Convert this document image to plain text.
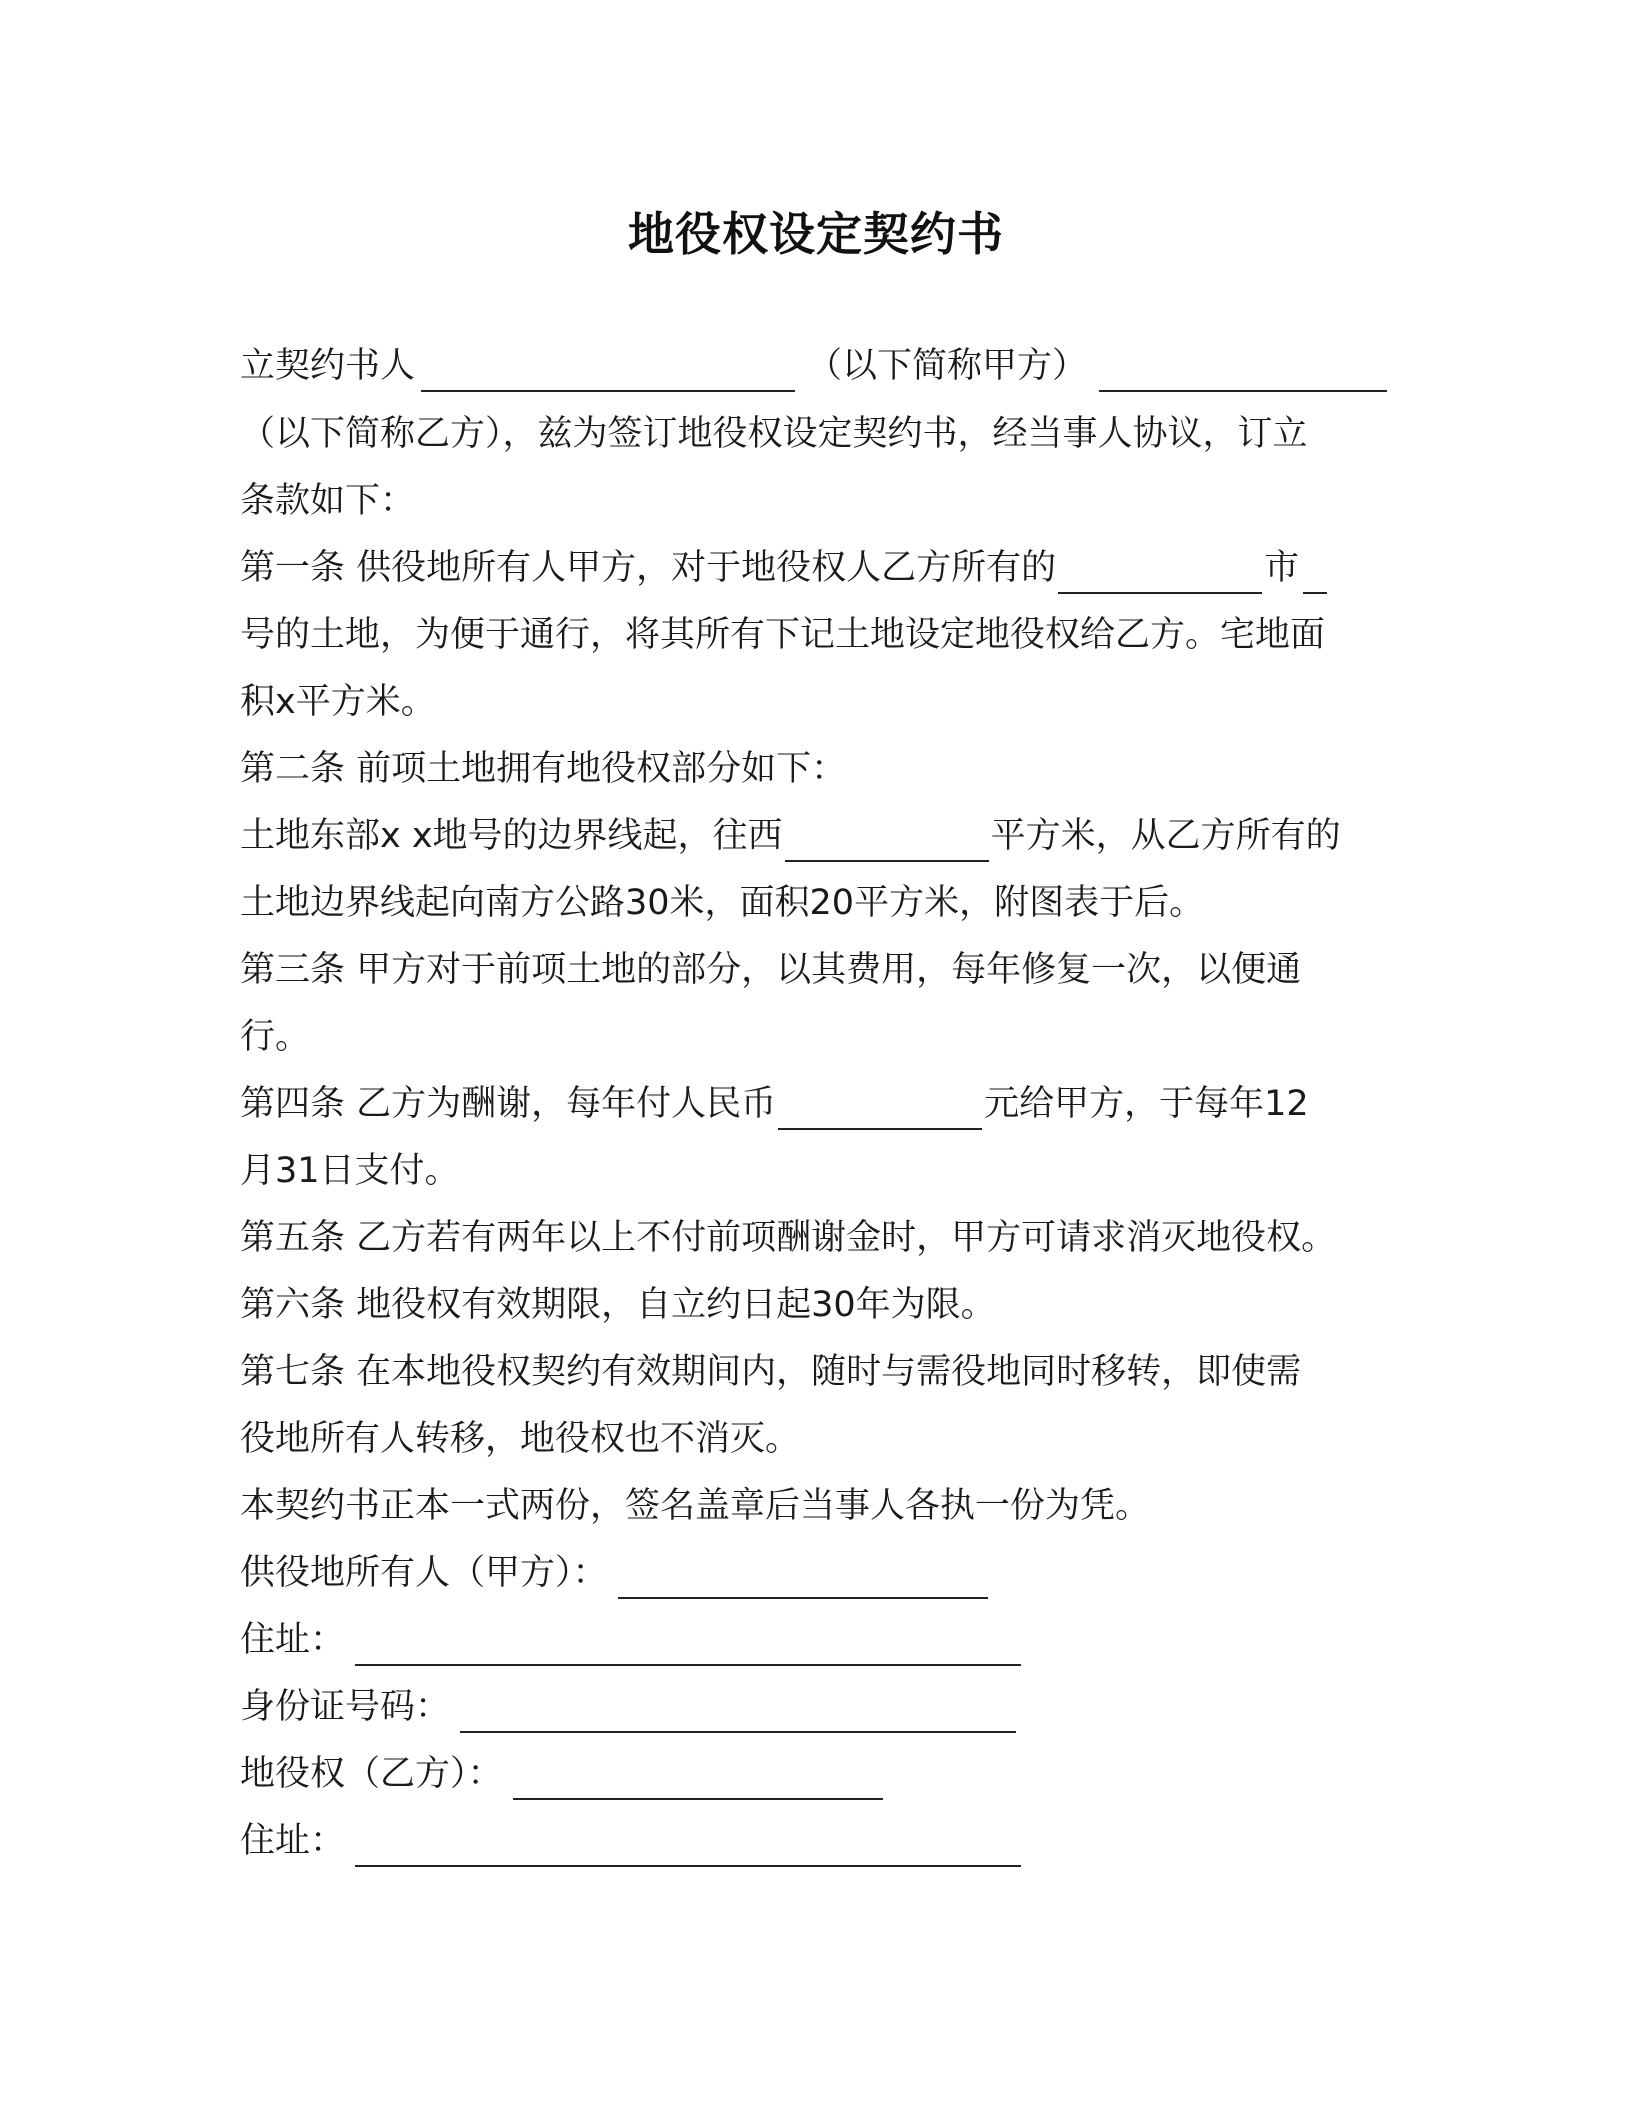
地役权设定契约书
立契约书人	（以下简称甲方）
（以下简称乙方），兹为签订地役权设定契约书，经当事人协议，订立
条款如下：
第一条 供役地所有人甲方，对于地役权人乙方所有的	市
号的土地，为便于通行，将其所有下记土地设定地役权给乙方。宅地面
积x平方米。
第二条 前项土地拥有地役权部分如下：
土地东部x x地号的边界线起，往西	平方米，从乙方所有的
土地边界线起向南方公路30米，面积20平方米，附图表于后。
第三条 甲方对于前项土地的部分，以其费用，每年修复一次，以便通
行。
第四条 乙方为酬谢，每年付人民币	元给甲方，于每年12
月31日支付。
第五条 乙方若有两年以上不付前项酬谢金时，甲方可请求消灭地役权。
第六条 地役权有效期限，自立约日起30年为限。
第七条 在本地役权契约有效期间内，随时与需役地同时移转，即使需
役地所有人转移，地役权也不消灭。
本契约书正本一式两份，签名盖章后当事人各执一份为凭。
供役地所有人（甲方）：
住址：
身份证号码：
地役权（乙方）：
住址：
